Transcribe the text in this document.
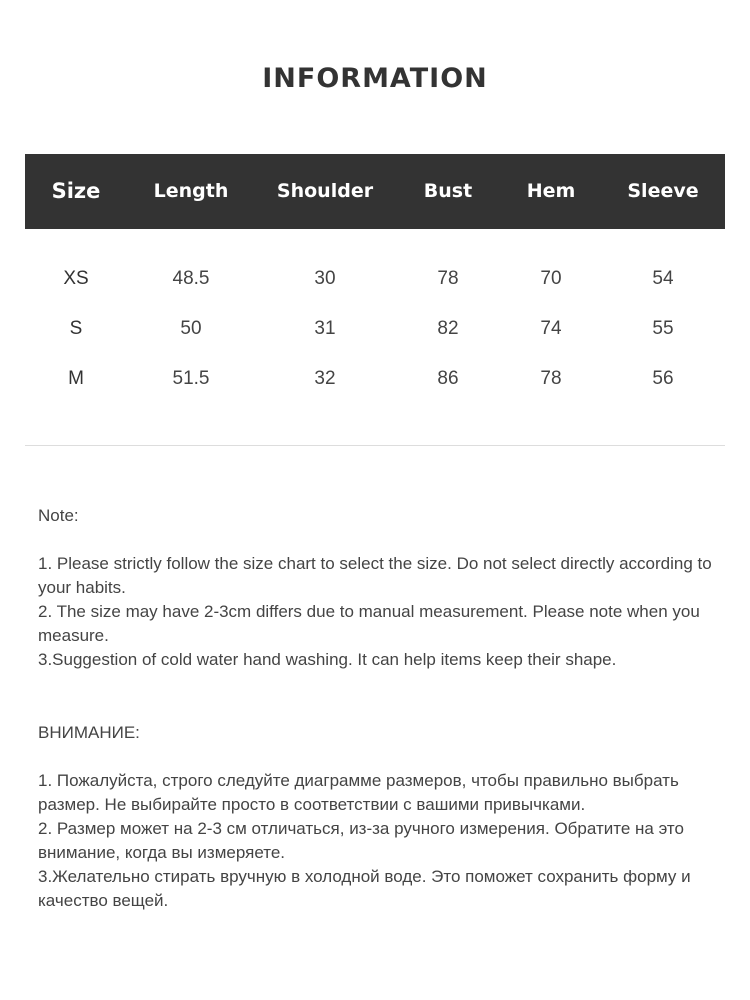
INFORMATION
Size	Length	Shoulder	Bust	Hem	Sleeve
XS	48.5	30	78	70	54
S	50	31	82	74	55
M	51.5	32	86	78	56

Note:

1. Please strictly follow the size chart to select the size. Do not select directly according to your habits.

2. The size may have 2-3cm differs due to manual measurement. Please note when you measure.

3.Suggestion of cold water hand washing. It can help items keep their shape.

ВНИМАНИЕ:

1. Пожалуйста, строго следуйте диаграмме размеров, чтобы правильно выбрать размер. Не выбирайте просто в соответствии с вашими привычками.

2. Размер может на 2-3 см отличаться, из-за ручного измерения. Обратите на это внимание, когда вы измеряете.

3.Желательно стирать вручную в холодной воде. Это поможет сохранить форму и качество вещей.
